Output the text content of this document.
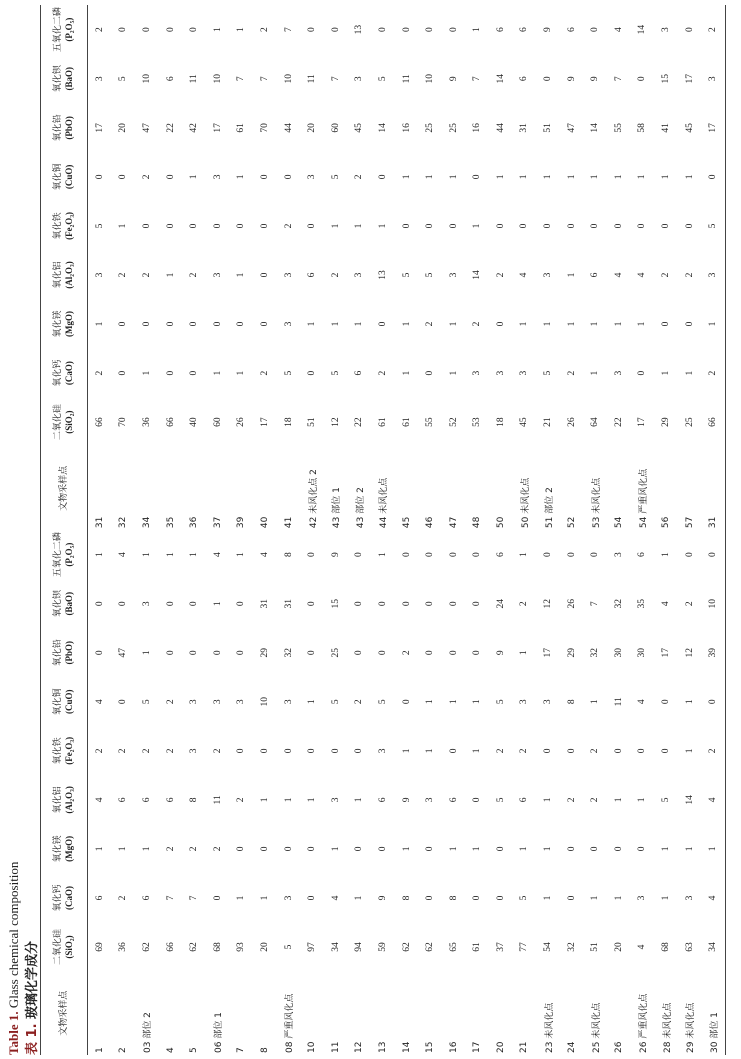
Table 1. Glass chemical composition
表 1. 玻璃化学成分 文物采样点	二氧化硅 (SiO₂)	氧化钙 (CaO)	氧化镁 (MgO)	氧化铝 (Al₂O₃)	氧化铁 (Fe₂O₃)	氧化铜 (CuO)	氧化铅 (PbO)	氧化钡 (BaO)	五氧化二磷 (P₂O₅)	文物采样点	二氧化硅 (SiO₂)	氧化钙 (CaO)	氧化镁 (MgO)	氧化铝 (Al₂O₃)	氧化铁 (Fe₂O₃)	氧化铜 (CuO)	氧化铅 (PbO)	氧化钡 (BaO)	五氧化二磷 (P₂O₅)

1	69	6	1	4	2	4	0	0	1	31	66	2	1	3	5	0	17	3	2
2	36	2	1	6	2	0	47	0	4	32	70	0	0	2	1	0	20	5	0
03 部位 2	62	6	1	6	2	5	1	3	1	34	36	1	0	2	0	2	47	10	0
4	66	7	2	6	2	2	0	0	1	35	66	0	0	1	0	0	22	6	0
5	62	7	2	8	3	3	0	0	1	36	40	0	0	2	0	1	42	11	0
06 部位 1	68	0	2	11	2	3	0	1	4	37	60	1	0	3	0	3	17	10	1
7	93	1	0	2	0	3	0	0	1	39	26	1	0	1	0	1	61	7	1
8	20	1	0	1	0	10	29	31	4	40	17	2	0	0	0	0	70	7	2
08 严重风化点	5	3	0	1	0	3	32	31	8	41	18	5	3	3	2	0	44	10	7
10	97	0	0	1	0	1	0	0	0	42 未风化点 2	51	0	1	6	0	3	20	11	0
11	34	4	1	3	0	5	25	15	9	43 部位 1	12	5	1	2	1	5	60	7	0
12	94	1	0	1	0	2	0	0	0	43 部位 2	22	6	1	3	1	2	45	3	13
13	59	9	0	6	3	5	0	0	1	44 未风化点	61	2	0	13	1	0	14	5	0
14	62	8	1	9	1	0	2	0	0	45	61	1	1	5	0	1	16	11	0
15	62	0	0	3	1	1	0	0	0	46	55	0	2	5	0	1	25	10	0
16	65	8	1	6	0	1	0	0	0	47	52	1	1	3	0	1	25	9	0
17	61	0	1	0	1	1	0	0	0	48	53	3	2	14	1	0	16	7	1
20	37	0	0	5	2	5	9	24	6	50	18	3	0	2	0	1	44	14	6
21	77	5	1	6	2	3	1	2	1	50 未风化点	45	3	1	4	0	1	31	6	6
23 未风化点	54	1	1	1	0	3	17	12	0	51 部位 2	21	5	1	3	0	1	51	0	9
24	32	0	0	2	0	8	29	26	0	52	26	2	1	1	0	1	47	9	6
25 未风化点	51	1	0	2	2	1	32	7	0	53 未风化点	64	1	1	6	0	1	14	9	0
26	20	1	0	1	0	11	30	32	3	54	22	3	1	4	0	1	55	7	4
26 严重风化点	4	3	0	1	0	4	30	35	6	54 严重风化点	17	0	1	4	0	1	58	0	14
28 未风化点	68	1	1	5	0	0	17	4	1	56	29	1	0	2	0	1	41	15	3
29 未风化点	63	3	1	14	1	1	12	2	0	57	25	1	0	2	0	1	45	17	0
30 部位 1	34	4	1	4	2	0	39	10	0	31	66	2	1	3	5	0	17	3	2
